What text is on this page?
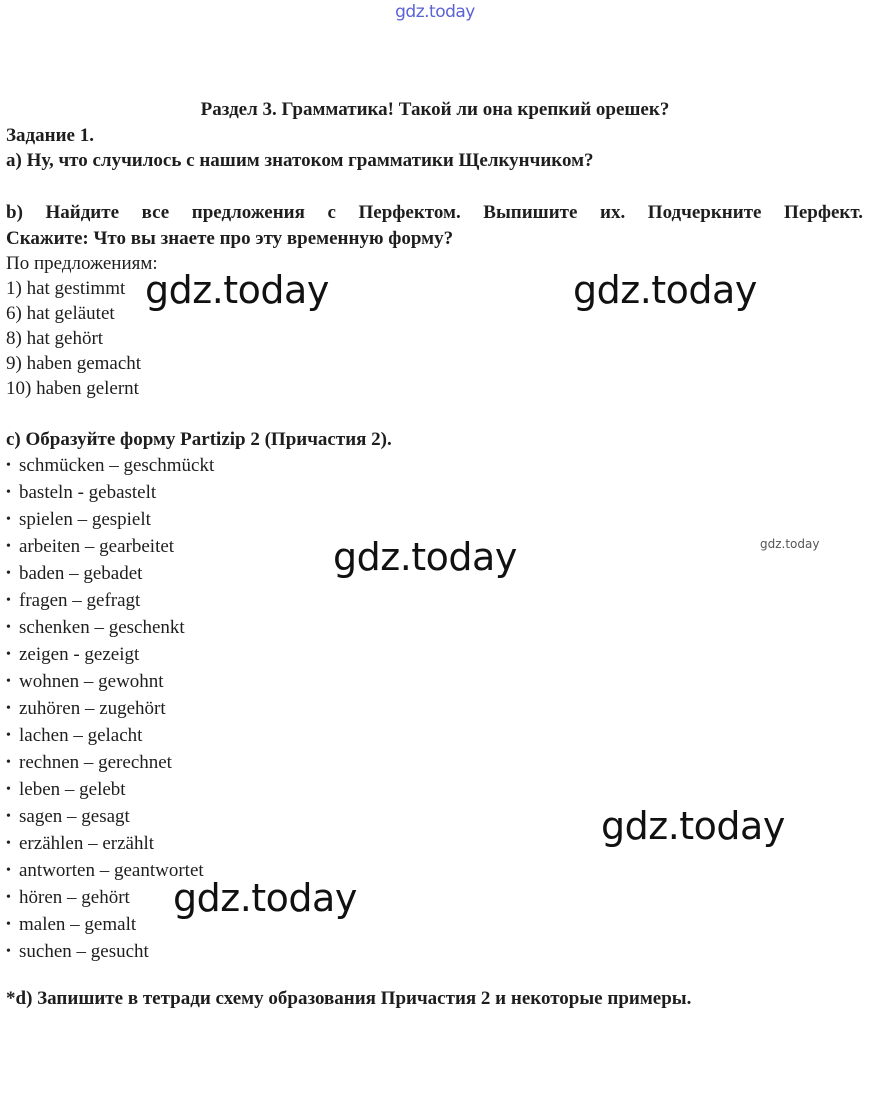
gdz.today
Раздел 3. Грамматика! Такой ли она крепкий орешек?
Задание 1.
а) Ну, что случилось с нашим знатоком грамматики Щелкунчиком?
b) Найдите все предложения с Перфектом. Выпишите их. Подчеркните Перфект.
Скажите: Что вы знаете про эту временную форму?
По предложениям:
1) hat gestimmt
6) hat geläutet
8) hat gehört
9) haben gemacht
10) haben gelernt
c) Образуйте форму Partizip 2 (Причастия 2).
• schmücken – geschmückt
• basteln - gebastelt
• spielen – gespielt
• arbeiten – gearbeitet
• baden – gebadet
• fragen – gefragt
• schenken – geschenkt
• zeigen - gezeigt
• wohnen – gewohnt
• zuhören – zugehört
• lachen – gelacht
• rechnen – gerechnet
• leben – gelebt
• sagen – gesagt
• erzählen – erzählt
• antworten – geantwortet
• hören – gehört
• malen – gemalt
• suchen – gesucht
*d) Запишите в тетради схему образования Причастия 2 и некоторые примеры.
gdz.today	gdz.today
gdz.today	gdz.today
gdz.today
gdz.today
